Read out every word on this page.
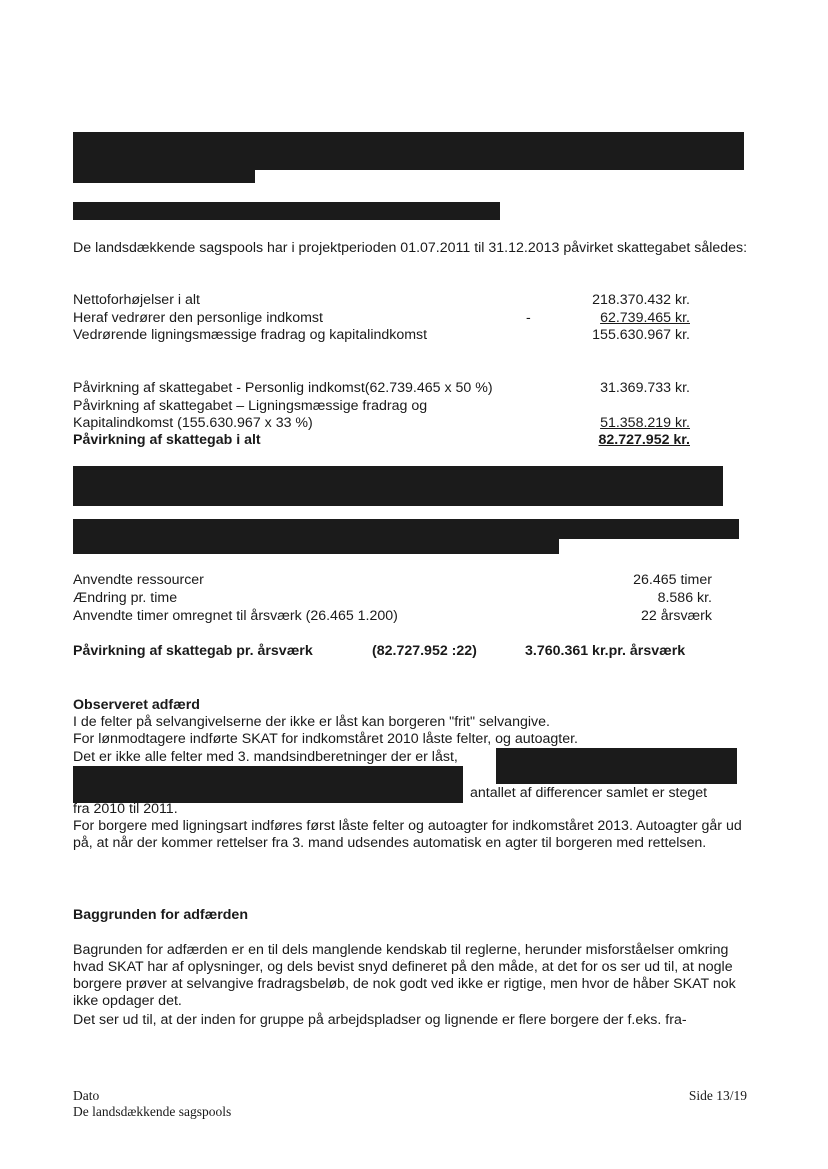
De landsdækkende sagspools har i projektperioden 01.07.2011 til 31.12.2013 påvirket skattegabet således:
Nettoforhøjelser i alt	218.370.432 kr.
Heraf vedrører den personlige indkomst	-	62.739.465 kr.
Vedrørende ligningsmæssige fradrag og kapitalindkomst	155.630.967 kr.
Påvirkning af skattegabet - Personlig indkomst(62.739.465 x 50 %)	31.369.733 kr.
Påvirkning af skattegabet – Ligningsmæssige fradrag og
Kapitalindkomst (155.630.967 x 33 %)	51.358.219 kr.
Påvirkning af skattegab i alt	82.727.952 kr.
Anvendte ressourcer	26.465 timer
Ændring pr. time	8.586 kr.
Anvendte timer omregnet til årsværk (26.465 1.200)	22 årsværk
Påvirkning af skattegab pr. årsværk	(82.727.952 :22)	3.760.361 kr.pr. årsværk
Observeret adfærd
I de felter på selvangivelserne der ikke er låst kan borgeren "frit" selvangive.
For lønmodtagere indførte SKAT for indkomståret 2010 låste felter, og autoagter.
Det er ikke alle felter med 3. mandsindberetninger der er låst,
antallet af differencer samlet er steget
fra 2010 til 2011.
For borgere med ligningsart indføres først låste felter og autoagter for indkomståret 2013. Autoagter går ud på, at når der kommer rettelser fra 3. mand udsendes automatisk en agter til borgeren med rettelsen.
Baggrunden for adfærden
Bagrunden for adfærden er en til dels manglende kendskab til reglerne, herunder misforståelser omkring hvad SKAT har af oplysninger, og dels bevist snyd defineret på den måde, at det for os ser ud til, at nogle borgere prøver at selvangive fradragsbeløb, de nok godt ved ikke er rigtige, men hvor de håber SKAT nok ikke opdager det.
Det ser ud til, at der inden for gruppe på arbejdspladser og lignende er flere borgere der f.eks. fra-
Dato
De landsdækkende sagspools
Side 13/19
